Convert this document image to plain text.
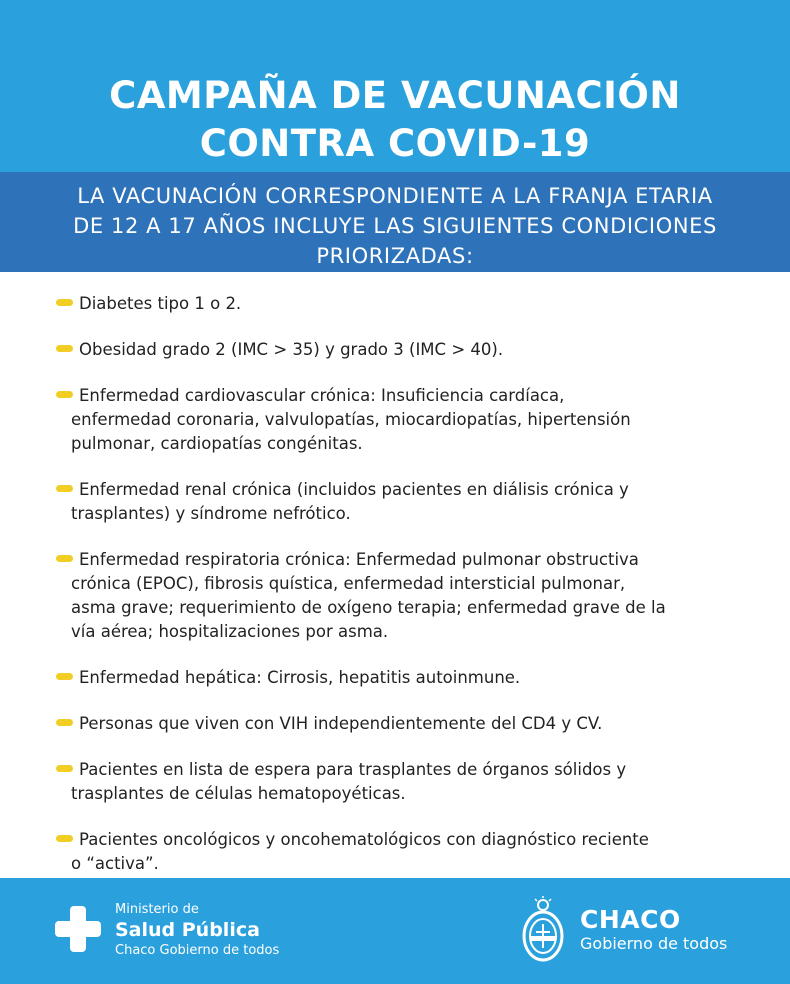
CAMPAÑA DE VACUNACIÓN
CONTRA COVID-19
LA VACUNACIÓN CORRESPONDIENTE A LA FRANJA ETARIA
DE 12 A 17 AÑOS INCLUYE LAS SIGUIENTES CONDICIONES
PRIORIZADAS:
Diabetes tipo 1 o 2.
Obesidad grado 2 (IMC > 35) y grado 3 (IMC > 40).
Enfermedad cardiovascular crónica: Insuficiencia cardíaca,
enfermedad coronaria, valvulopatías, miocardiopatías, hipertensión
pulmonar, cardiopatías congénitas.
Enfermedad renal crónica (incluidos pacientes en diálisis crónica y
trasplantes) y síndrome nefrótico.
Enfermedad respiratoria crónica: Enfermedad pulmonar obstructiva
crónica (EPOC), fibrosis quística, enfermedad intersticial pulmonar,
asma grave; requerimiento de oxígeno terapia; enfermedad grave de la
vía aérea; hospitalizaciones por asma.
Enfermedad hepática: Cirrosis, hepatitis autoinmune.
Personas que viven con VIH independientemente del CD4 y CV.
Pacientes en lista de espera para trasplantes de órganos sólidos y
trasplantes de células hematopoyéticas.
Pacientes oncológicos y oncohematológicos con diagnóstico reciente
o “activa”.
Ministerio de
Salud Pública
Chaco Gobierno de todos
CHACO
Gobierno de todos
